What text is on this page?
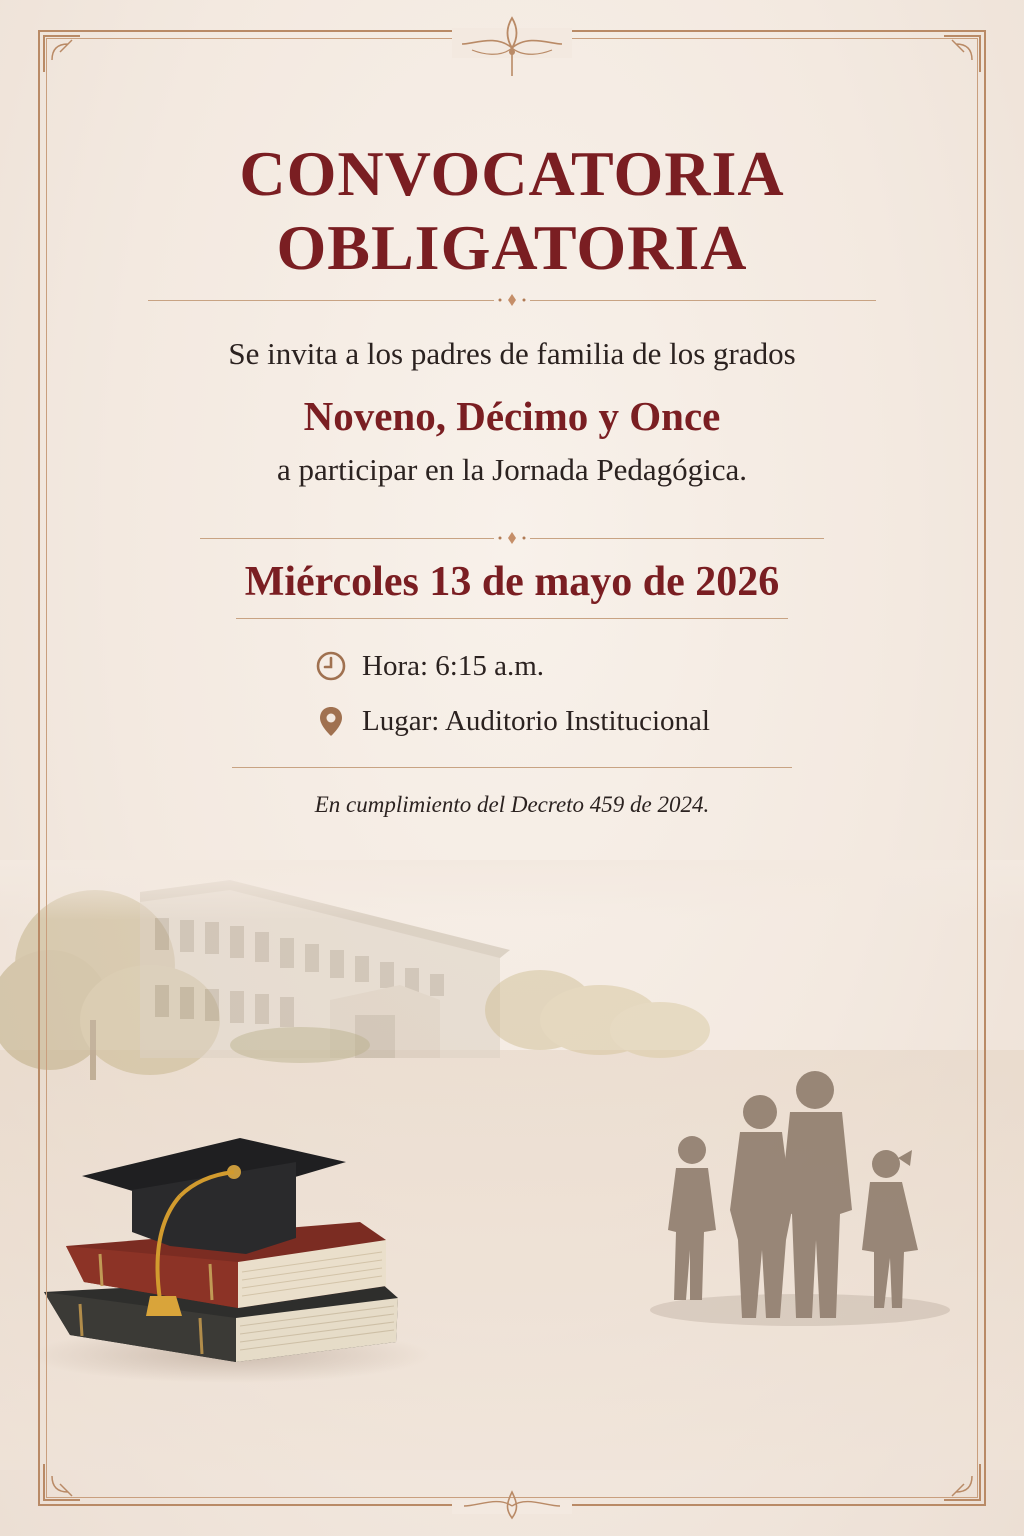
CONVOCATORIA
OBLIGATORIA
Se invita a los padres de familia de los grados
Noveno, Décimo y Once
a participar en la Jornada Pedagógica.
Miércoles 13 de mayo de 2026
Hora: 6:15 a.m.
Lugar: Auditorio Institucional
En cumplimiento del Decreto 459 de 2024.
